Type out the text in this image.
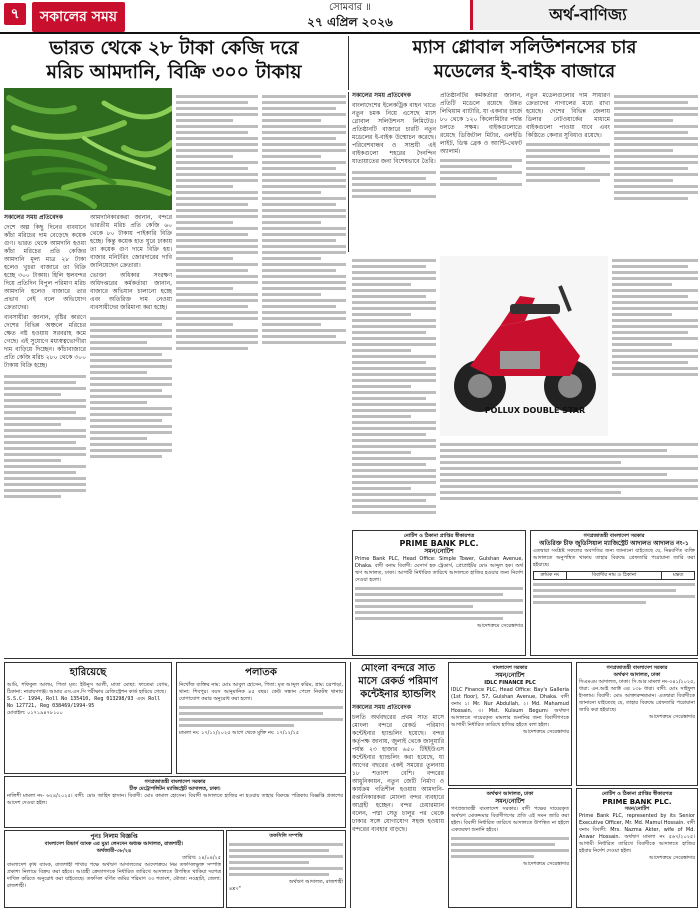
৭	সকালের সময়
সোমবার ॥
২৭ এপ্রিল ২০২৬	অর্থ-বাণিজ্য
ভারত থেকে ২৮ টাকা কেজি দরে
মরিচ আমদানি, বিক্রি ৩০০ টাকায়
ম্যাস গ্লোবাল সলিউশনসের চার
মডেলের ই-বাইক বাজারে
সকালের সময় প্রতিবেদক

দেশে অল্প কিছু দিনের ব্যবধানে কাঁচা মরিচের দাম বেড়েছে কয়েক গুণ। ভারত থেকে আমদানি হওয়া কাঁচা মরিচের প্রতি কেজির আমদানি মূল্য মাত্র ২৮ টাকা হলেও খুচরা বাজারে তা বিক্রি হচ্ছে ৩০০ টাকায়। হিলি স্থলবন্দর দিয়ে প্রতিদিন বিপুল পরিমাণ মরিচ আমদানি হলেও বাজারে তার প্রভাব নেই বলে অভিযোগ ক্রেতাদের।

ব্যবসায়ীরা জানান, বৃষ্টির কারণে দেশের বিভিন্ন অঞ্চলে মরিচের ক্ষেত নষ্ট হওয়ায় সরবরাহ কমে গেছে। এই সুযোগে মধ্যস্বত্বভোগীরা দাম বাড়িয়ে দিচ্ছেন। কাঁচাবাজারে প্রতি কেজি মরিচ ২৮০ থেকে ৩০০ টাকায় বিক্রি হচ্ছে।

আমদানিকারকরা জানান, বন্দরে ভারতীয় মরিচ প্রতি কেজি ৬০ থেকে ৮০ টাকায় পাইকারি বিক্রি হচ্ছে। কিন্তু কয়েক হাত ঘুরে ঢাকায় তা কয়েক গুণ দামে বিক্রি হয়। বাজার মনিটরিং জোরদারের দাবি জানিয়েছেন ক্রেতারা।

ভোক্তা অধিকার সংরক্ষণ অধিদপ্তরের কর্মকর্তারা জানান, বাজারে অভিযান চালানো হচ্ছে এবং অতিরিক্ত দাম নেওয়া ব্যবসায়ীদের জরিমানা করা হচ্ছে।

সকালের সময় প্রতিবেদক

বাংলাদেশের ইলেকট্রিক বাহন খাতে নতুন চমক নিয়ে এসেছে ম্যাস গ্লোবাল সলিউশনস লিমিটেড। প্রতিষ্ঠানটি বাজারে চারটি নতুন মডেলের ই-বাইক উন্মোচন করেছে। পরিবেশবান্ধব ও সাশ্রয়ী এই বাইকগুলো শহরের দৈনন্দিন যাতায়াতের জন্য বিশেষভাবে তৈরি।

প্রতিষ্ঠানটির কর্মকর্তারা জানান, প্রতিটি মডেলে রয়েছে উন্নত লিথিয়াম ব্যাটারি, যা একবার চার্জে ৮০ থেকে ১২০ কিলোমিটার পর্যন্ত চলতে সক্ষম। বাইকগুলোতে রয়েছে ডিজিটাল মিটার, এলইডি লাইট, ডিস্ক ব্রেক ও অ্যান্টি-থেফট অ্যালার্ম।

নতুন মডেলগুলোর দাম সাধারণ ক্রেতাদের নাগালের মধ্যে রাখা হয়েছে। দেশের বিভিন্ন জেলায় ডিলার নেটওয়ার্কের মাধ্যমে বাইকগুলো পাওয়া যাবে এবং কিস্তিতে কেনার সুবিধাও রয়েছে।

POLLUX DOUBLE STAR
নোটিশ ও ঠিকানা প্রাপ্তির স্বীকারপত্র
PRIME BANK PLC.
সমন/নোটিশ
Prime Bank PLC, Head Office: Simple Tower, Gulshan Avenue, Dhaka. বাদী বনাম বিবাদী: মেসার্স হক ট্রেডার্স, প্রোপ্রাইটর মোঃ আব্দুল হক। অর্থ ঋণ আদালত, ঢাকা। আগামী নির্ধারিত তারিখে আদালতে হাজির হওয়ার জন্য নির্দেশ দেওয়া হলো।
আদেশক্রমে সেরেস্তাদার
গণপ্রজাতন্ত্রী বাংলাদেশ সরকার
অতিরিক্ত চীফ জুডিসিয়াল ম্যাজিস্ট্রেট আদালত আদালত নং-১
এতদ্বারা সংশ্লিষ্ট সকলের অবগতির জন্য জানানো যাইতেছে যে, নিম্নবর্ণিত ব্যক্তি আদালতে অনুপস্থিত থাকায় তাহার বিরুদ্ধে গ্রেফতারি পরোয়ানা জারি করা হইয়াছে।
ক্রমিক নং	বিবাদীর নাম ও ঠিকানা	মন্তব্য
হারিয়েছে
আমি, শফিকুল আলম, পিতা মৃত: ইউনুস আলী, মাতা মোছা: ফাতেমা বেগম, ঠিকানা: নারায়ণগঞ্জ। আমার এস.এস.সি পরীক্ষার রেজিস্ট্রেশন কার্ড হারিয়ে গেছে।
S.S.C- 1994, Roll No 135410, Reg 013298/93 এবং Roll No 127721, Reg 038469/1994-95
মোবাইল: ০১৭১৯৪৭৮১০০
পলাতক
নিখোঁজ ব্যক্তির নাম: মোঃ আবুল হোসেন, পিতা: মৃত আব্দুল করিম, গ্রাম: চরপাড়া, থানা: শিবপুর। বয়স আনুমানিক ৪৫ বছর। কেউ সন্ধান পেলে নিকটস্থ থানায় যোগাযোগ করার অনুরোধ করা হলো।
মামলা নং: ১৭/১২/২০২৫ আগে থেকে মুক্তি নং: ১৭/১২/২৫
গণপ্রজাতন্ত্রী বাংলাদেশ সরকার
চীফ মেট্রোপলিটন ম্যাজিস্ট্রেট আদালত, ঢাকা।
নালিশী মামলা নং- ৬২৪/২০২৫। বাদী: মোঃ জাহিদ হাসান। বিবাদী: মোঃ কামাল হোসেন। বিবাদী আদালতে হাজির না হওয়ায় তাহার বিরুদ্ধে পত্রিকায় বিজ্ঞপ্তি প্রকাশের আদেশ দেওয়া হইল।
পুনঃ নিলাম বিজ্ঞপ্তি
বাংলাদেশ রিভার্স ব্যাংক এর মুদ্রা লেনদেন অধ্যক্ষ আদালত, রাজশাহী।
অর্থজারী-৩৮/২৪
তারিখ: ২৪/০৪/২৫
বাংলাদেশ কৃষি ব্যাংক, রাজশাহী শাখার পক্ষে অর্থঋণ আদালতের আদেশক্রমে নিম্ন তফসিলভুক্ত সম্পত্তি প্রকাশ্য নিলামে বিক্রয় করা হইবে। আগ্রহী ক্রেতাগণকে নির্ধারিত তারিখে আদালতে উপস্থিত থাকিয়া দরপত্র দাখিল করিতে অনুরোধ করা যাইতেছে। তফসিল বর্ণিত জমির পরিমাণ ৩৩ শতাংশ, মৌজা: নওহাটা, জেলা: রাজশাহী।
তফসিলি সম্পত্তি
অর্থঋণ আদালত, রাজশাহী
৪x৭"
মোংলা বন্দরে সাত
মাসে রেকর্ড পরিমাণ
কন্টেইনার হ্যান্ডলিং
সকালের সময় প্রতিবেদক

চলতি অর্থবছরের প্রথম সাত মাসে মোংলা বন্দরে রেকর্ড পরিমাণ কন্টেইনার হ্যান্ডলিং হয়েছে। বন্দর কর্তৃপক্ষ জানায়, জুলাই থেকে জানুয়ারি পর্যন্ত ২৩ হাজার ৬৫০ টিইইউএস কন্টেইনার হ্যান্ডলিং করা হয়েছে, যা আগের বছরের একই সময়ের তুলনায় ১৮ শতাংশ বেশি। বন্দরের আধুনিকায়ন, নতুন জেটি নির্মাণ ও কার্যক্রম গতিশীল হওয়ায় আমদানি-রপ্তানিকারকরা মোংলা বন্দর ব্যবহারে আগ্রহী হচ্ছেন। বন্দর চেয়ারম্যান বলেন, পদ্মা সেতু চালুর পর থেকে ঢাকার সঙ্গে যোগাযোগ সহজ হওয়ায় বন্দরের ব্যবহার বাড়ছে।

বাংলাদেশ সরকার
সমন/নোটিশ
IDLC FINANCE PLC
IDLC Finance PLC, Head Office: Bay's Galleria (1st floor), 57, Gulshan Avenue, Dhaka. বাদী বনাম ১। Mr. Nur Abdullah, ২। Md. Mahamud Hossain, ৩। Mst. Kulsum Begum। অর্থঋণ আদালতে দায়েরকৃত মামলার শুনানির জন্য বিবাদীগণকে আগামী নির্ধারিত তারিখে হাজির হইতে বলা হইল।
আদেশক্রমে সেরেস্তাদার
গণপ্রজাতন্ত্রী বাংলাদেশ সরকার
অর্থঋণ আদালত, ঢাকা
সিএমএম আদালত, ঢাকা। সি.আর মামলা নং-৩৪১/২০২৫, ধারা: এন.আই অ্যাক্ট এর ১৩৮ ধারা। বাদী: মোঃ সাইফুল ইসলাম। বিবাদী: মোঃ আক্তারুজ্জামান। এতদ্বারা বিবাদীকে জানানো যাইতেছে যে, তাহার বিরুদ্ধে গ্রেফতারি পরোয়ানা জারি করা হইয়াছে।
আদেশক্রমে সেরেস্তাদার
অর্থঋণ আদালত, ঢাকা
সমন/নোটিশ
গণপ্রজাতন্ত্রী বাংলাদেশ সরকার। বাদী পক্ষের দায়েরকৃত অর্থঋণ মোকদ্দমার বিবাদীগণের প্রতি এই সমন জারি করা হইল। বিবাদী নির্ধারিত তারিখে আদালতে উপস্থিত না হইলে একতরফা শুনানি হইবে।
আদেশক্রমে সেরেস্তাদার
নোটিশ ও ঠিকানা প্রাপ্তির স্বীকারপত্র
PRIME BANK PLC.
সমন/নোটিশ
Prime Bank PLC, represented by its Senior Executive Officer, Mr. Md. Mamul Hossain. বাদী বনাম বিবাদী: Mrs. Nazma Akter, wife of Md. Anwar Hossain. অর্থঋণ মামলা নং ৫৬৭/২০২৫। আগামী নির্ধারিত তারিখে বিবাদীকে আদালতে হাজির হইবার নির্দেশ দেওয়া হইল।
আদেশক্রমে সেরেস্তাদার
